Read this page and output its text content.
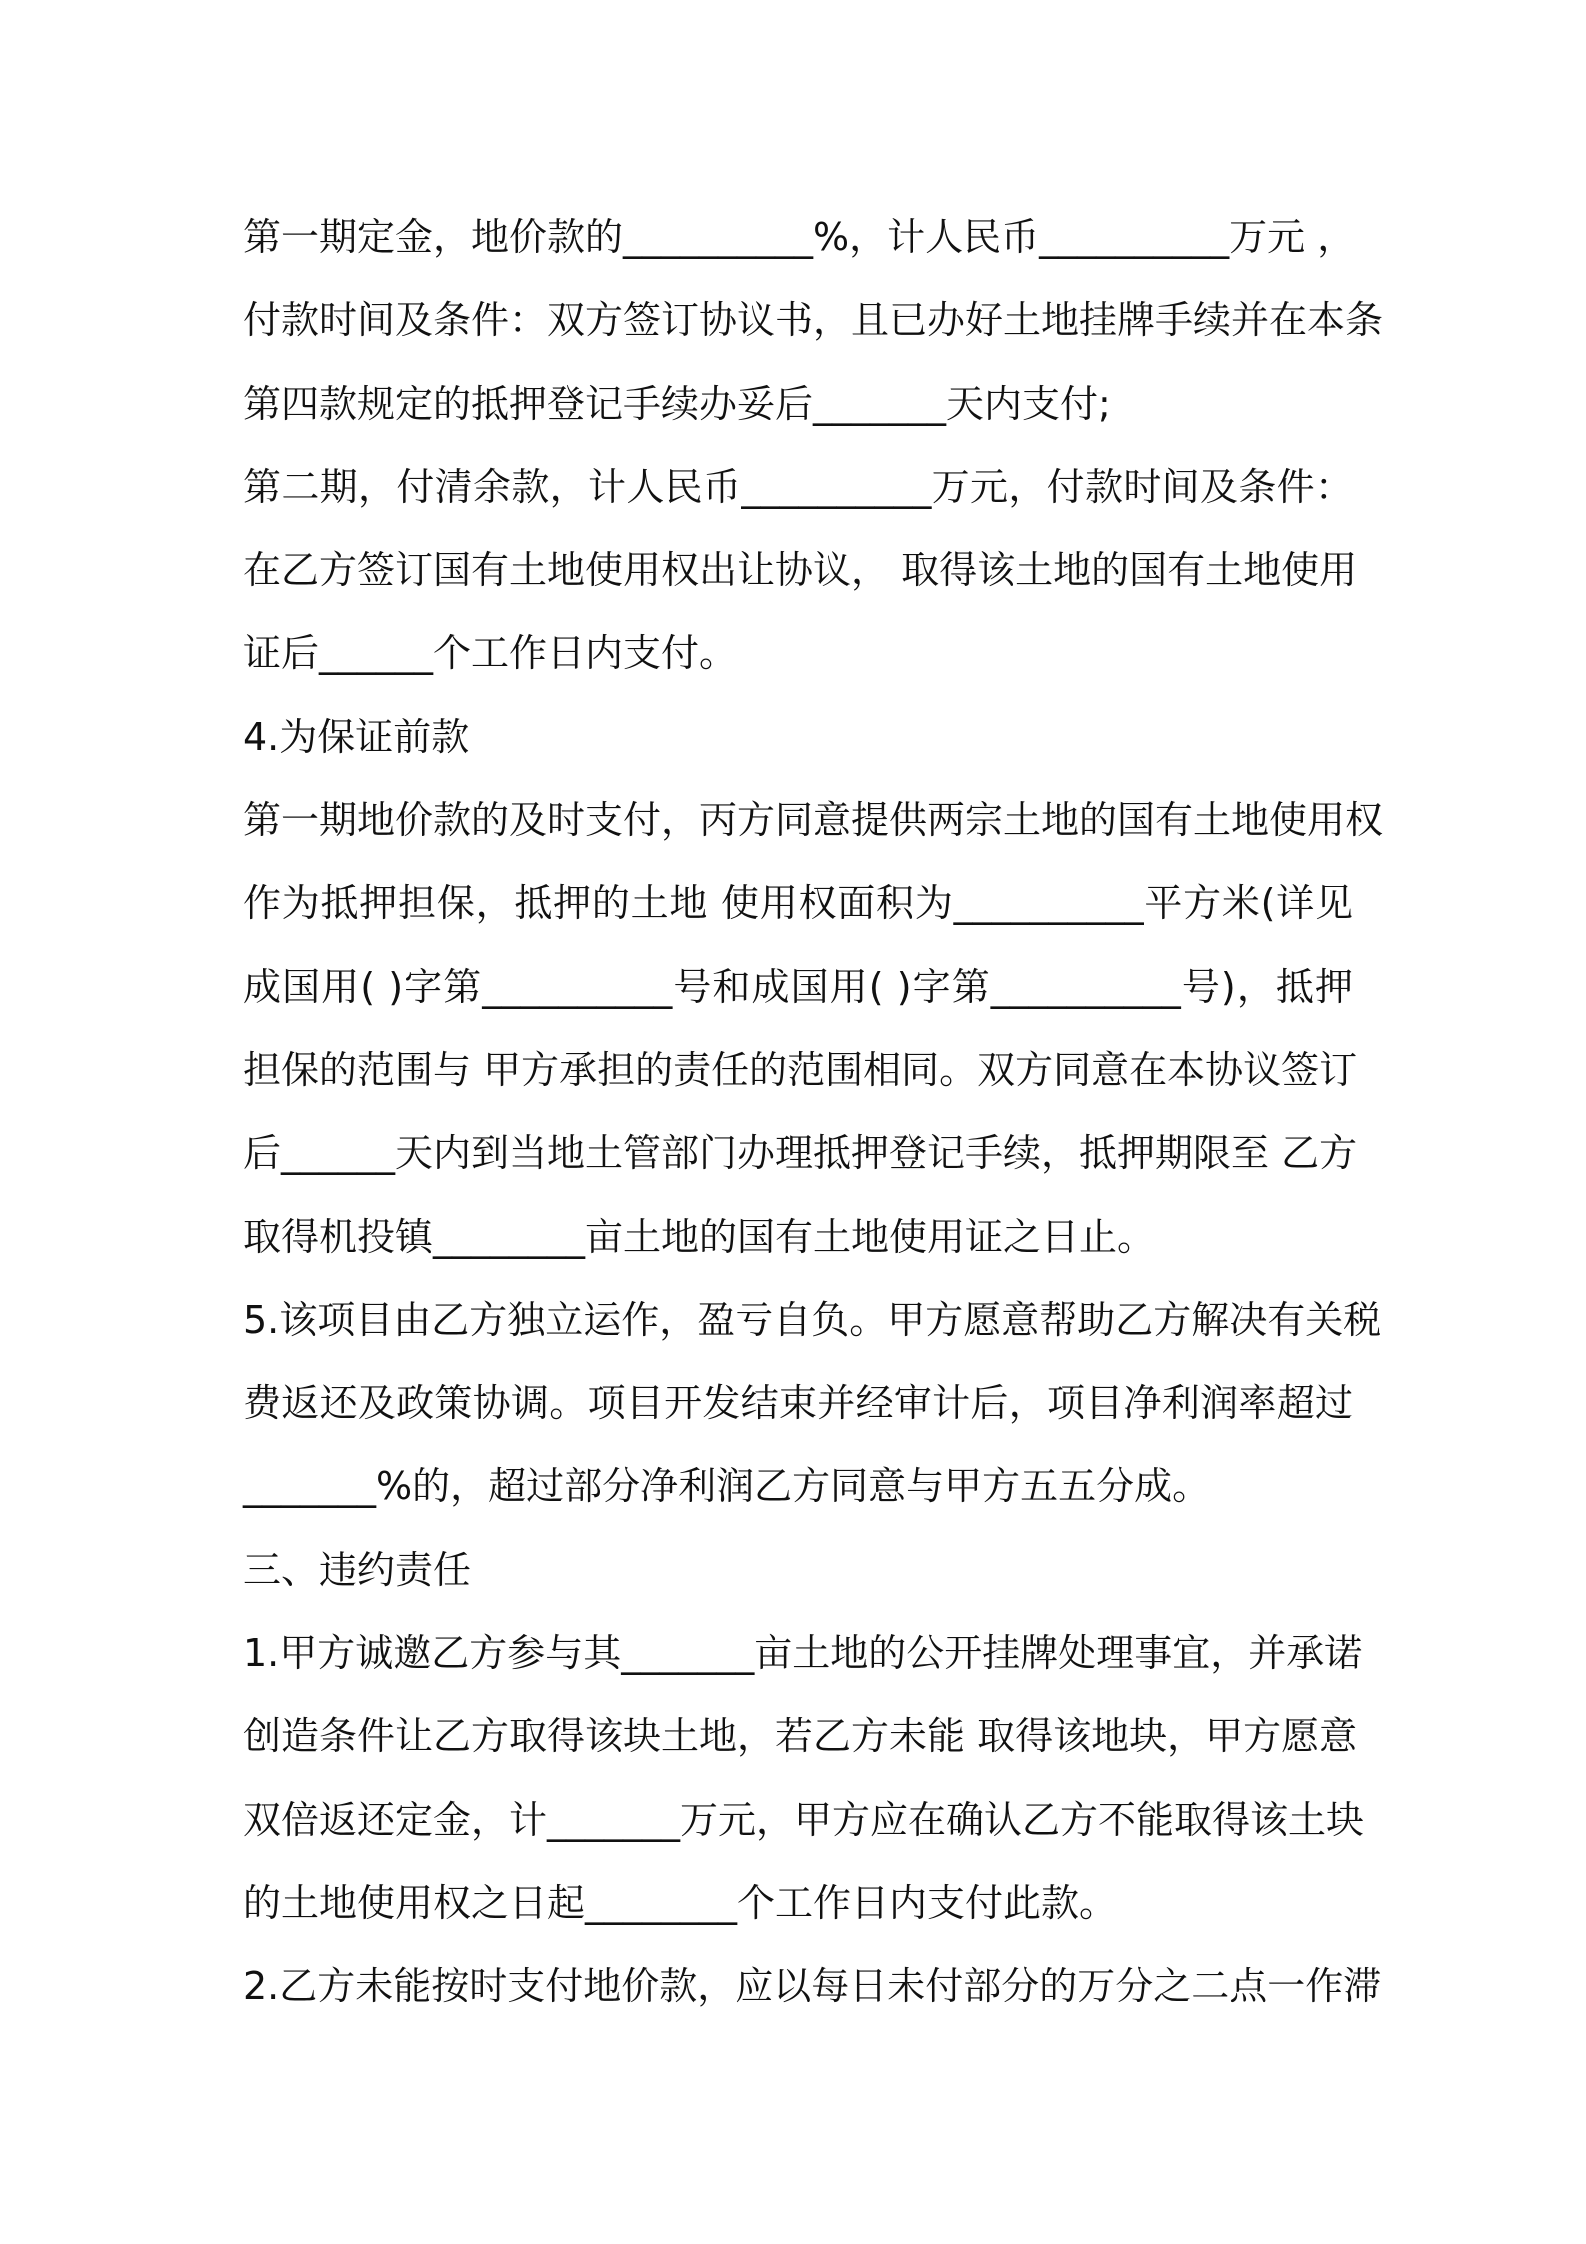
第一期定金，地价款的__________%，计人民币__________万元 ，
付款时间及条件：双方签订协议书，且已办好土地挂牌手续并在本条
第四款规定的抵押登记手续办妥后_______天内支付;
第二期，付清余款，计人民币__________万元，付款时间及条件：
在乙方签订国有土地使用权出让协议， 取得该土地的国有土地使用
证后______个工作日内支付。
4.为保证前款
第一期地价款的及时支付，丙方同意提供两宗土地的国有土地使用权
作为抵押担保，抵押的土地 使用权面积为__________平方米(详见
成国用( )字第__________号和成国用( )字第__________号)，抵押
担保的范围与 甲方承担的责任的范围相同。双方同意在本协议签订
后______天内到当地土管部门办理抵押登记手续，抵押期限至 乙方
取得机投镇________亩土地的国有土地使用证之日止。
5.该项目由乙方独立运作，盈亏自负。甲方愿意帮助乙方解决有关税
费返还及政策协调。项目开发结束并经审计后，项目净利润率超过
_______%的，超过部分净利润乙方同意与甲方五五分成。
三、违约责任
1.甲方诚邀乙方参与其_______亩土地的公开挂牌处理事宜，并承诺
创造条件让乙方取得该块土地，若乙方未能 取得该地块，甲方愿意
双倍返还定金，计_______万元，甲方应在确认乙方不能取得该土块
的土地使用权之日起________个工作日内支付此款。
2.乙方未能按时支付地价款，应以每日未付部分的万分之二点一作滞
